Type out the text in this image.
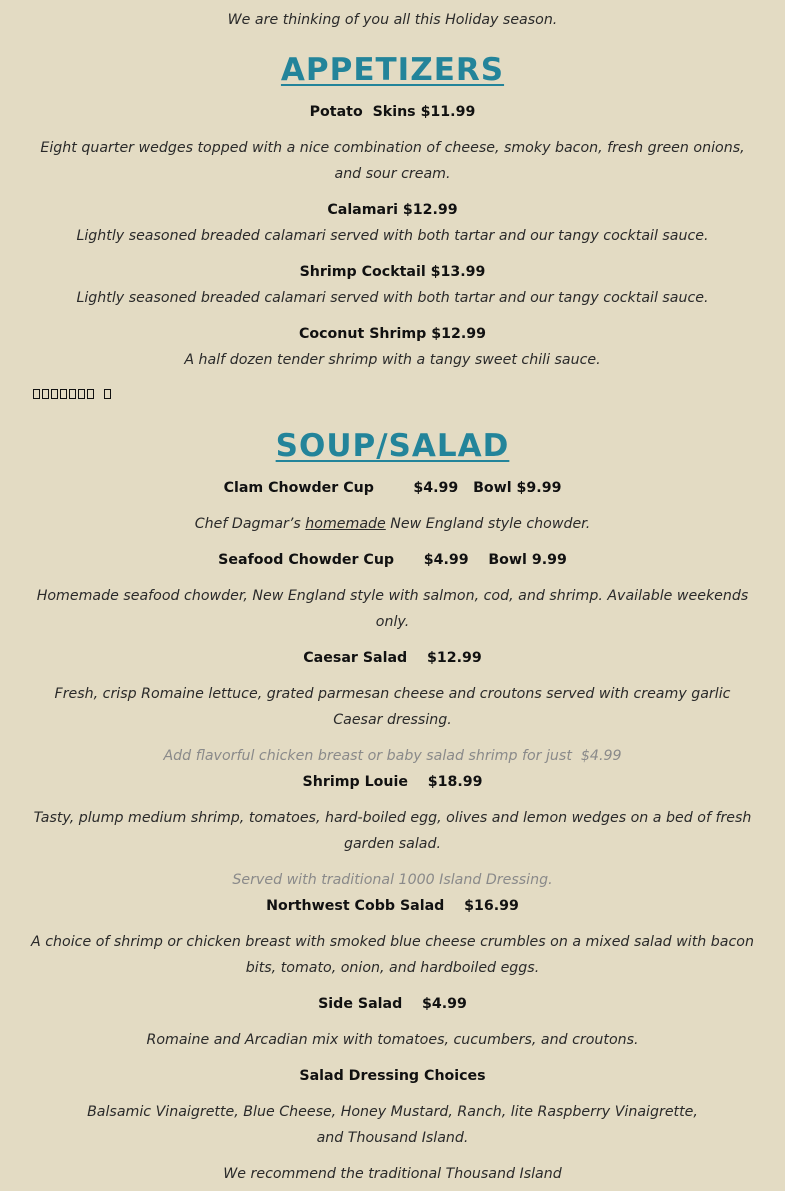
We are thinking of you all this Holiday season.
APPETIZERS
Potato  Skins $11.99
Eight quarter wedges topped with a nice combination of cheese, smoky bacon, fresh green onions, and sour cream.
Calamari $12.99
Lightly seasoned breaded calamari served with both tartar and our tangy cocktail sauce.
Shrimp Cocktail $13.99
Lightly seasoned breaded calamari served with both tartar and our tangy cocktail sauce.
Coconut Shrimp $12.99
A half dozen tender shrimp with a tangy sweet chili sauce.
SOUP/SALAD
Clam Chowder Cup        $4.99   Bowl $9.99
Chef Dagmar’s homemade New England style chowder.
Seafood Chowder Cup      $4.99    Bowl 9.99
Homemade seafood chowder, New England style with salmon, cod, and shrimp. Available weekends only.
Caesar Salad    $12.99
Fresh, crisp Romaine lettuce, grated parmesan cheese and croutons served with creamy garlic Caesar dressing.
Add flavorful chicken breast or baby salad shrimp for just  $4.99
Shrimp Louie    $18.99
Tasty, plump medium shrimp, tomatoes, hard-boiled egg, olives and lemon wedges on a bed of fresh garden salad.
Served with traditional 1000 Island Dressing.
Northwest Cobb Salad    $16.99
A choice of shrimp or chicken breast with smoked blue cheese crumbles on a mixed salad with bacon bits, tomato, onion, and hardboiled eggs.
Side Salad    $4.99
Romaine and Arcadian mix with tomatoes, cucumbers, and croutons.
Salad Dressing Choices
Balsamic Vinaigrette, Blue Cheese, Honey Mustard, Ranch, lite Raspberry Vinaigrette,
and Thousand Island.
We recommend the traditional Thousand Island
